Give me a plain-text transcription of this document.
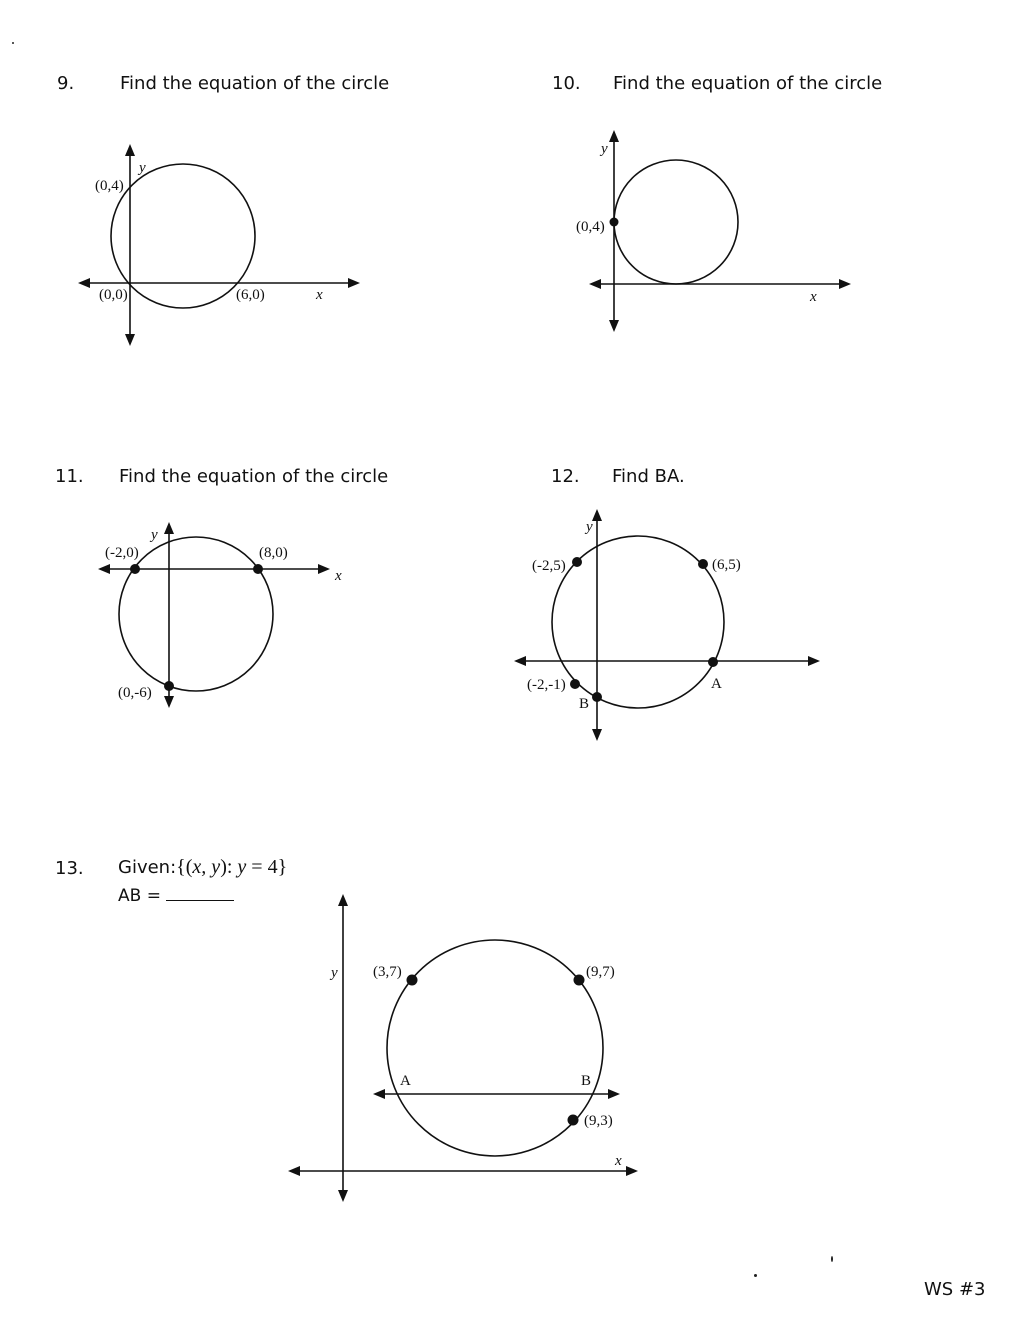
9.	Find the equation of the circle
(0,4)
(0,0)	(6,0)
y
x
10. Find the equation of the circle
(0,4)
y
x
11. Find the equation of the circle
(-2,0)	(8,0)
(0,-6)
y
x
12. Find BA.
(-2,5)	(6,5)
(-2,-1)	A
B
y
13. Given:{(x, y): y = 4}
AB =
(3,7)	(9,7)
(9,3)
A	B
y
x
WS #3
